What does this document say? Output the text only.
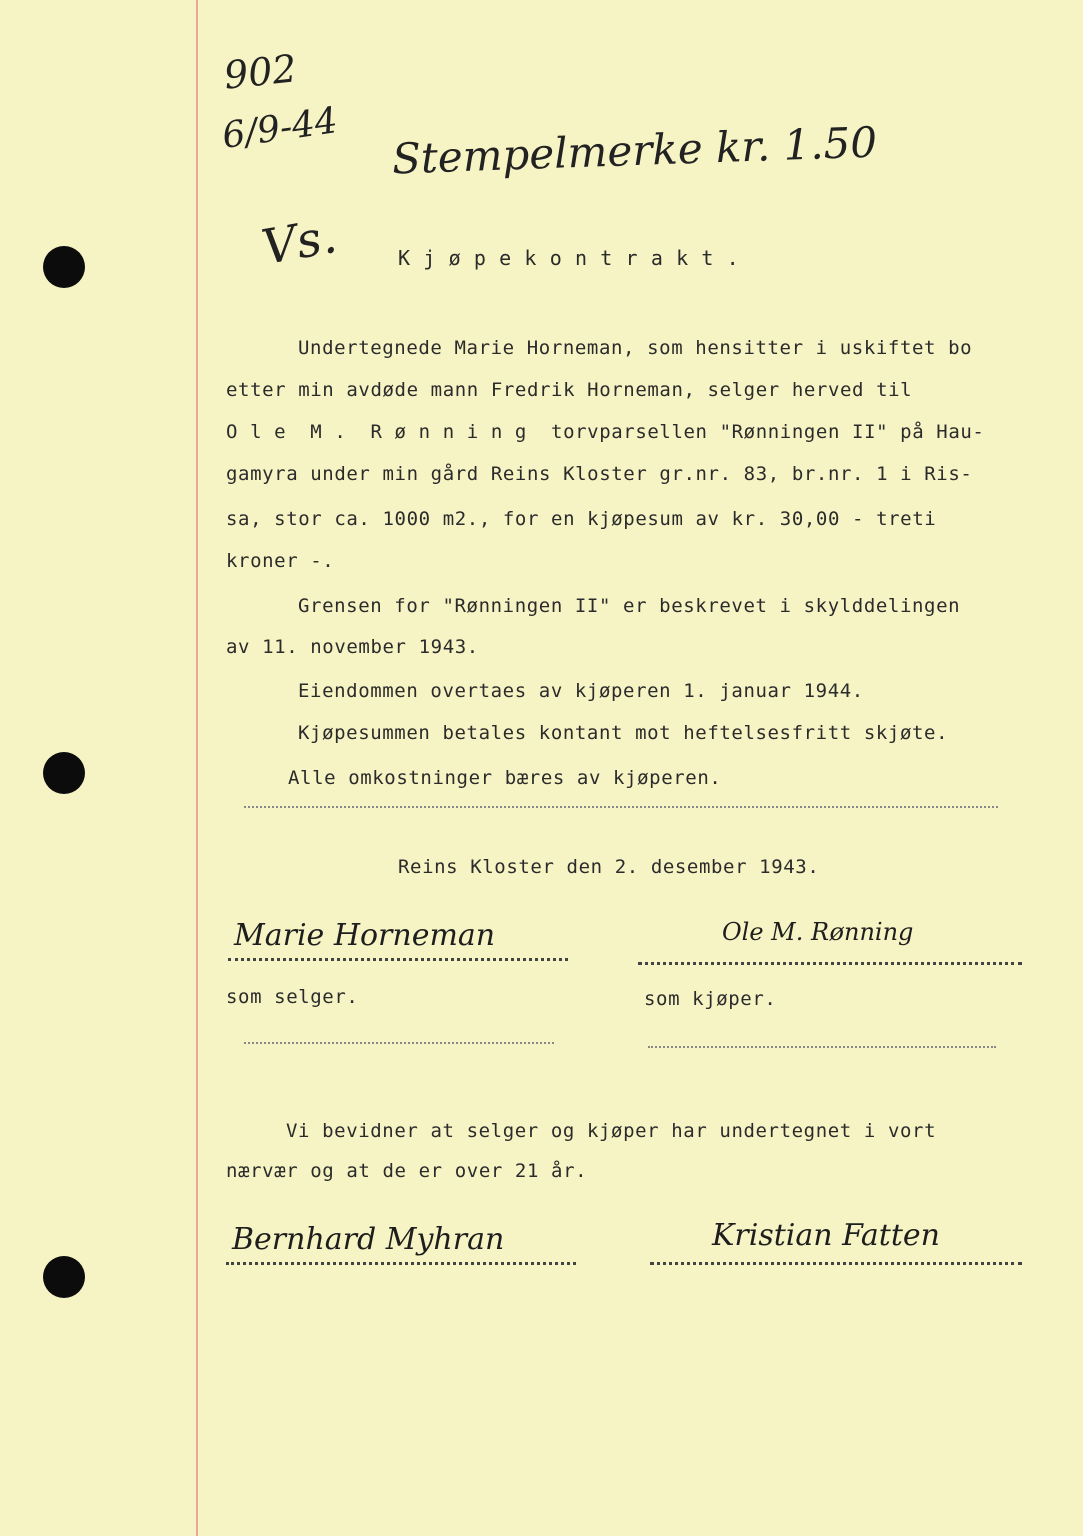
902
6/9-44 Stempelmerke kr. 1.50
Vs.	K j ø p e k o n t r a k t .
Undertegnede Marie Horneman, som hensitter i uskiftet bo
etter min avdøde mann Fredrik Horneman, selger herved til
O l e  M .  R ø n n i n g  torvparsellen "Rønningen II" på Hau-
gamyra under min gård Reins Kloster gr.nr. 83, br.nr. 1 i Ris-
sa, stor ca. 1000 m2., for en kjøpesum av kr. 30,00 - treti
kroner -.
Grensen for "Rønningen II" er beskrevet i skylddelingen
av 11. november 1943.
Eiendommen overtaes av kjøperen 1. januar 1944.
Kjøpesummen betales kontant mot heftelsesfritt skjøte.
Alle omkostninger bæres av kjøperen.
Reins Kloster den 2. desember 1943.
Marie Horneman	Ole M. Rønning
som selger.	som kjøper.
Vi bevidner at selger og kjøper har undertegnet i vort
nærvær og at de er over 21 år.
Bernhard Myhran	Kristian Fatten
